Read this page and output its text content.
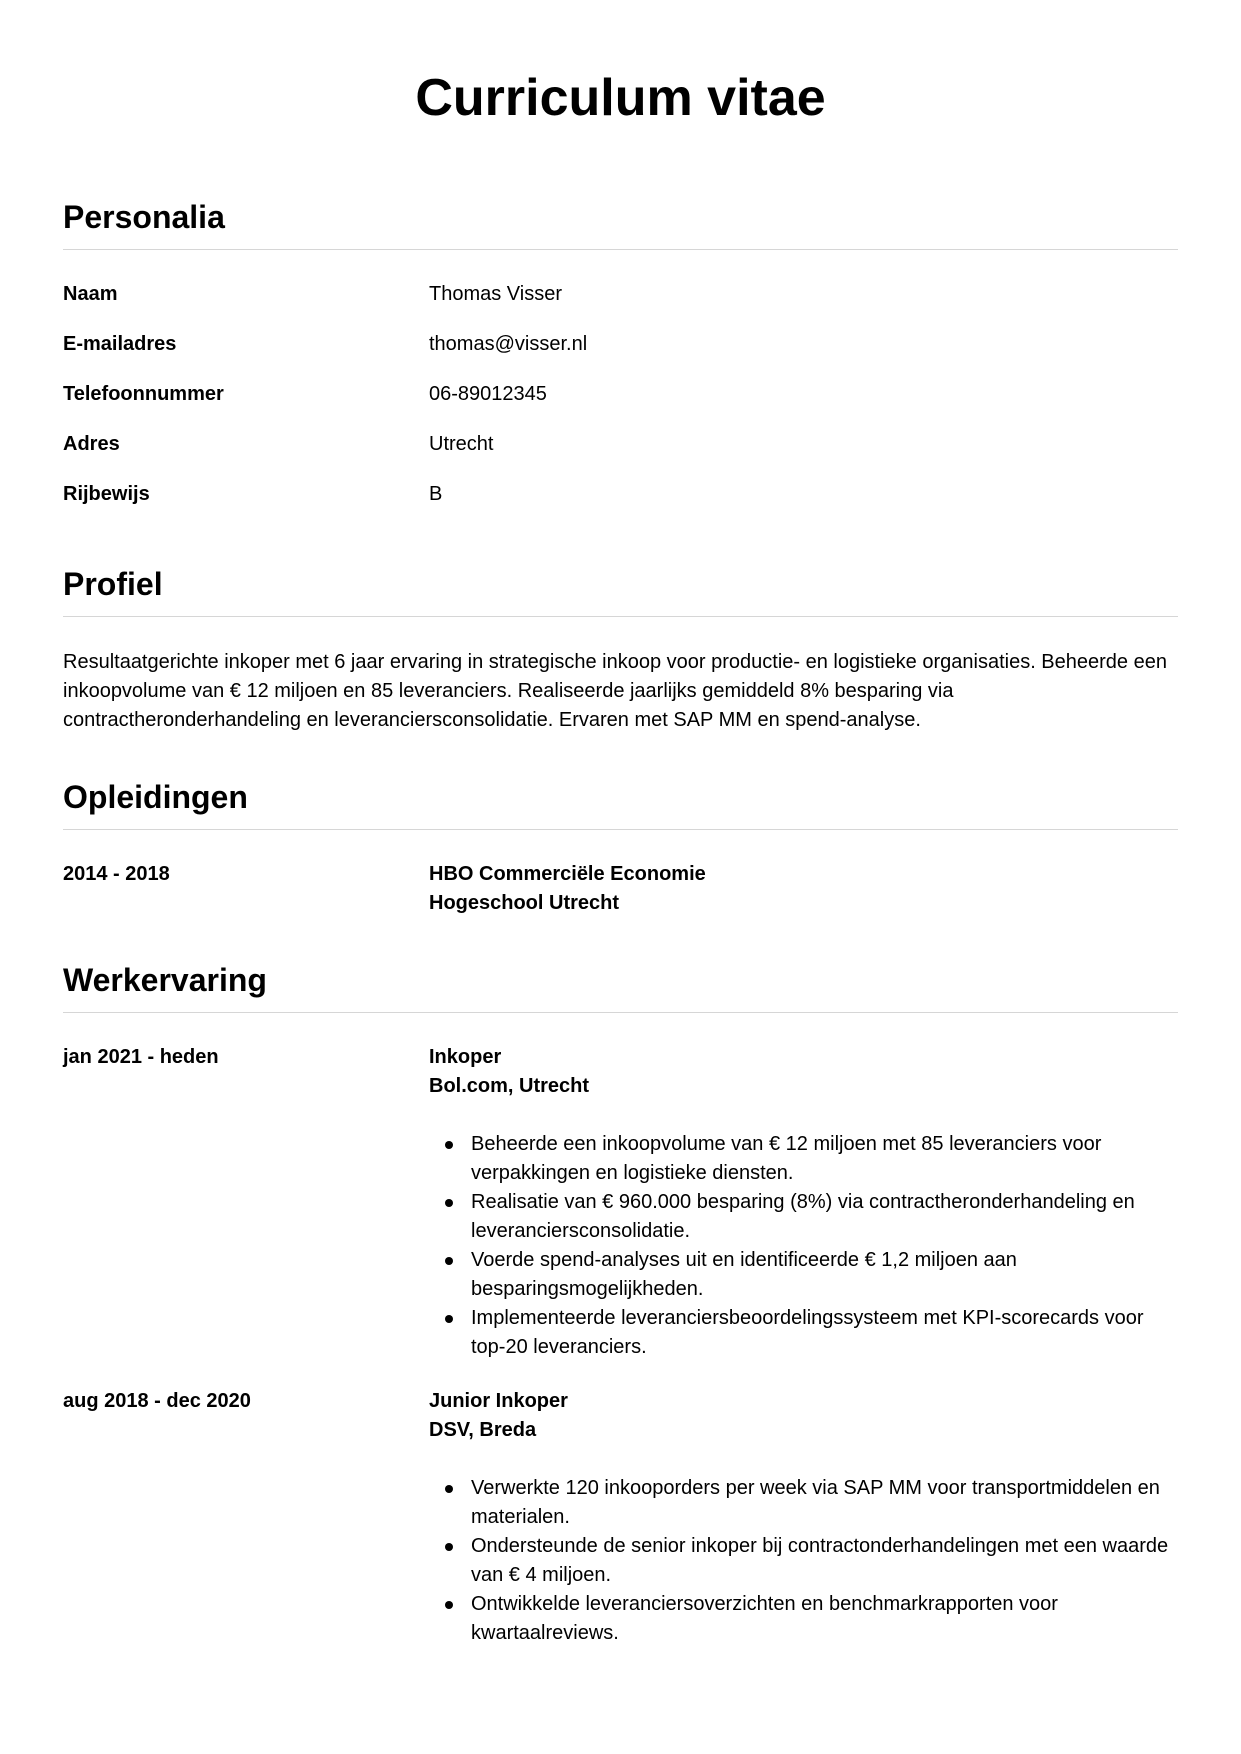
Curriculum vitae
Personalia
Naam	Thomas Visser
E-mailadres	thomas@visser.nl
Telefoonnummer	06-89012345
Adres	Utrecht
Rijbewijs	B
Profiel

Resultaatgerichte inkoper met 6 jaar ervaring in strategische inkoop voor productie- en logistieke organisaties. Beheerde een inkoopvolume van € 12 miljoen en 85 leveranciers. Realiseerde jaarlijks gemiddeld 8% besparing via contractheronderhandeling en leveranciersconsolidatie. Ervaren met SAP MM en spend-analyse.

Opleidingen
2014 - 2018	HBO Commerciële Economie
Hogeschool Utrecht
Werkervaring
jan 2021 - heden	Inkoper
Bol.com, Utrecht
Beheerde een inkoopvolume van € 12 miljoen met 85 leveranciers voor verpakkingen en logistieke diensten.
Realisatie van € 960.000 besparing (8%) via contractheronderhandeling en leveranciersconsolidatie.
Voerde spend-analyses uit en identificeerde € 1,2 miljoen aan besparingsmogelijkheden.
Implementeerde leveranciersbeoordelingssysteem met KPI-scorecards voor top-20 leveranciers.
aug 2018 - dec 2020	Junior Inkoper
DSV, Breda
Verwerkte 120 inkooporders per week via SAP MM voor transportmiddelen en materialen.
Ondersteunde de senior inkoper bij contractonderhandelingen met een waarde van € 4 miljoen.
Ontwikkelde leveranciersoverzichten en benchmarkrapporten voor kwartaalreviews.
